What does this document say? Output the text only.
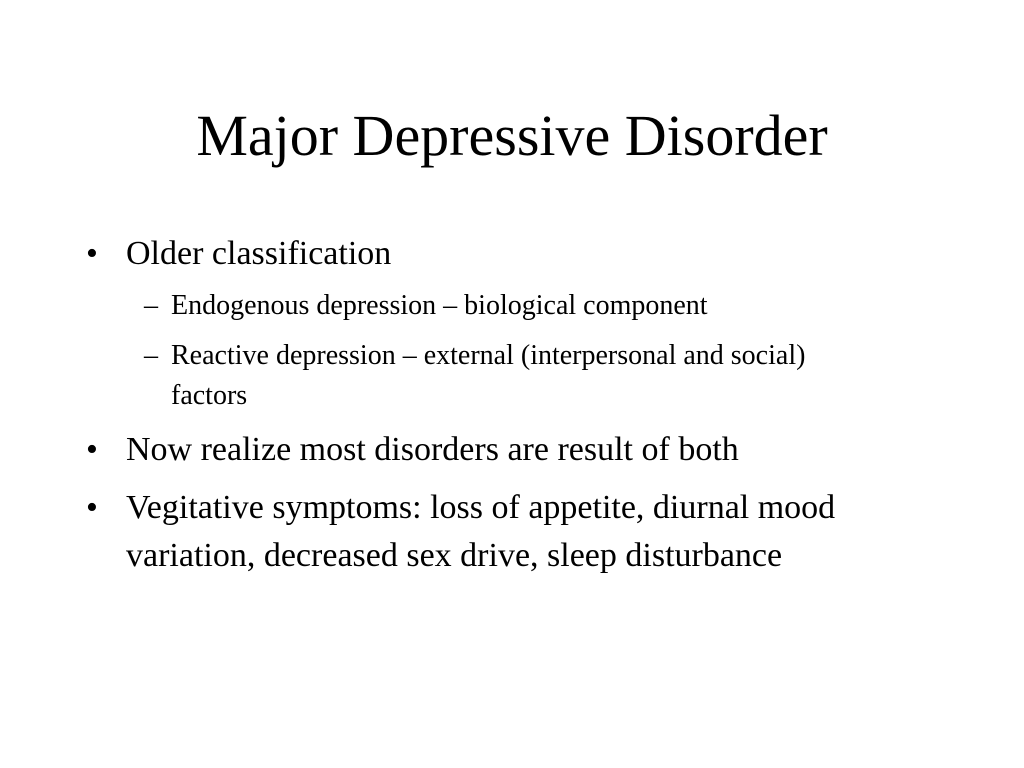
Major Depressive Disorder
• Older classification
– Endogenous depression – biological component
– Reactive depression – external (interpersonal and social) factors
• Now realize most disorders are result of both
• Vegitative symptoms: loss of appetite, diurnal mood variation, decreased sex drive, sleep disturbance
